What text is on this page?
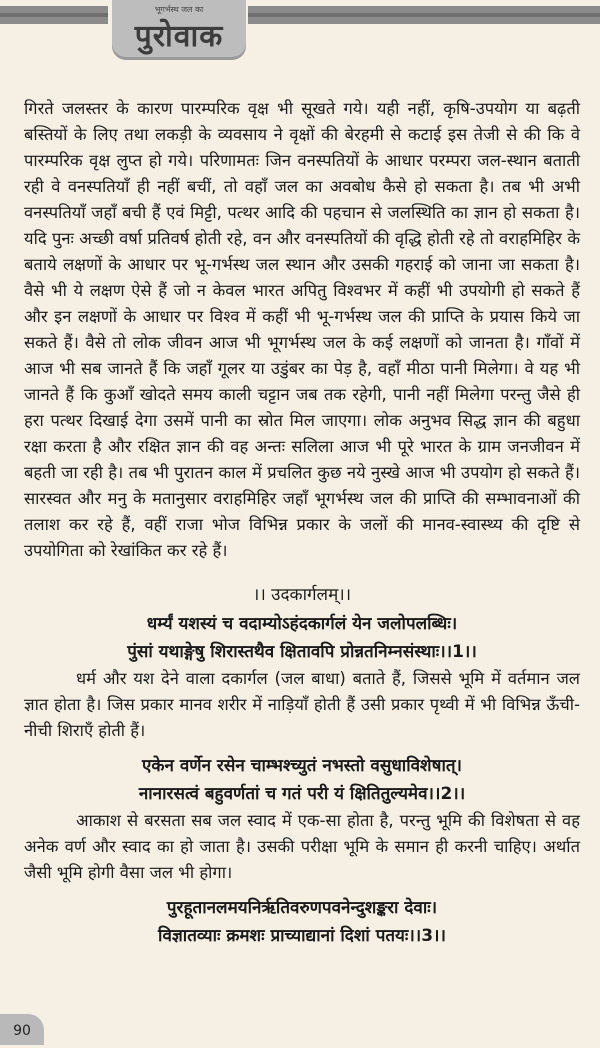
भूगर्भस्थ जल का
पुरोवाक

गिरते जलस्तर के कारण पारम्परिक वृक्ष भी सूखते गये। यही नहीं, कृषि-उपयोग या बढ़ती बस्तियों के लिए तथा लकड़ी के व्यवसाय ने वृक्षों की बेरहमी से कटाई इस तेजी से की कि वे पारम्परिक वृक्ष लुप्त हो गये। परिणामतः जिन वनस्पतियों के आधार परम्परा जल-स्थान बताती रही वे वनस्पतियाँ ही नहीं बचीं, तो वहाँ जल का अवबोध कैसे हो सकता है। तब भी अभी वनस्पतियाँ जहाँ बची हैं एवं मिट्टी, पत्थर आदि की पहचान से जलस्थिति का ज्ञान हो सकता है। यदि पुनः अच्छी वर्षा प्रतिवर्ष होती रहे, वन और वनस्पतियों की वृद्धि होती रहे तो वराहमिहिर के बताये लक्षणों के आधार पर भू-गर्भस्थ जल स्थान और उसकी गहराई को जाना जा सकता है। वैसे भी ये लक्षण ऐसे हैं जो न केवल भारत अपितु विश्वभर में कहीं भी उपयोगी हो सकते हैं और इन लक्षणों के आधार पर विश्व में कहीं भी भू-गर्भस्थ जल की प्राप्ति के प्रयास किये जा सकते हैं। वैसे तो लोक जीवन आज भी भूगर्भस्थ जल के कई लक्षणों को जानता है। गाँवों में आज भी सब जानते हैं कि जहाँ गूलर या उडुंबर का पेड़ है, वहाँ मीठा पानी मिलेगा। वे यह भी जानते हैं कि कुआँ खोदते समय काली चट्टान जब तक रहेगी, पानी नहीं मिलेगा परन्तु जैसे ही हरा पत्थर दिखाई देगा उसमें पानी का स्रोत मिल जाएगा। लोक अनुभव सिद्ध ज्ञान की बहुधा रक्षा करता है और रक्षित ज्ञान की वह अन्तः सलिला आज भी पूरे भारत के ग्राम जनजीवन में बहती जा रही है। तब भी पुरातन काल में प्रचलित कुछ नये नुस्खे आज भी उपयोग हो सकते हैं। सारस्वत और मनु के मतानुसार वराहमिहिर जहाँ भूगर्भस्थ जल की प्राप्ति की सम्भावनाओं की तलाश कर रहे हैं, वहीं राजा भोज विभिन्न प्रकार के जलों की मानव-स्वास्थ्य की दृष्टि से उपयोगिता को रेखांकित कर रहे हैं।

।। उदकार्गलम्।।

धर्म्यं यशस्यं च वदाम्योऽहंदकार्गलं येन जलोपलब्धिः।

पुंसां यथाङ्गेषु शिरास्तथैव क्षितावपि प्रोन्नतनिम्नसंस्थाः।।1।।

धर्म और यश देने वाला दकार्गल (जल बाधा) बताते हैं, जिससे भूमि में वर्तमान जल ज्ञात होता है। जिस प्रकार मानव शरीर में नाड़ियाँ होती हैं उसी प्रकार पृथ्वी में भी विभिन्न ऊँची-नीची शिराएँ होती हैं।

एकेन वर्णेन रसेन चाम्भश्च्युतं नभस्तो वसुधाविशेषात्।

नानारसत्वं बहुवर्णतां च गतं परी यं क्षितितुल्यमेव।।2।।

आकाश से बरसता सब जल स्वाद में एक-सा होता है, परन्तु भूमि की विशेषता से वह अनेक वर्ण और स्वाद का हो जाता है। उसकी परीक्षा भूमि के समान ही करनी चाहिए। अर्थात जैसी भूमि होगी वैसा जल भी होगा।

पुरहूतानलमयनिर्ऋतिवरुणपवनेन्दुशङ्करा देवाः।

विज्ञातव्याः क्रमशः प्राच्याद्यानां दिशां पतयः।।3।।

90
